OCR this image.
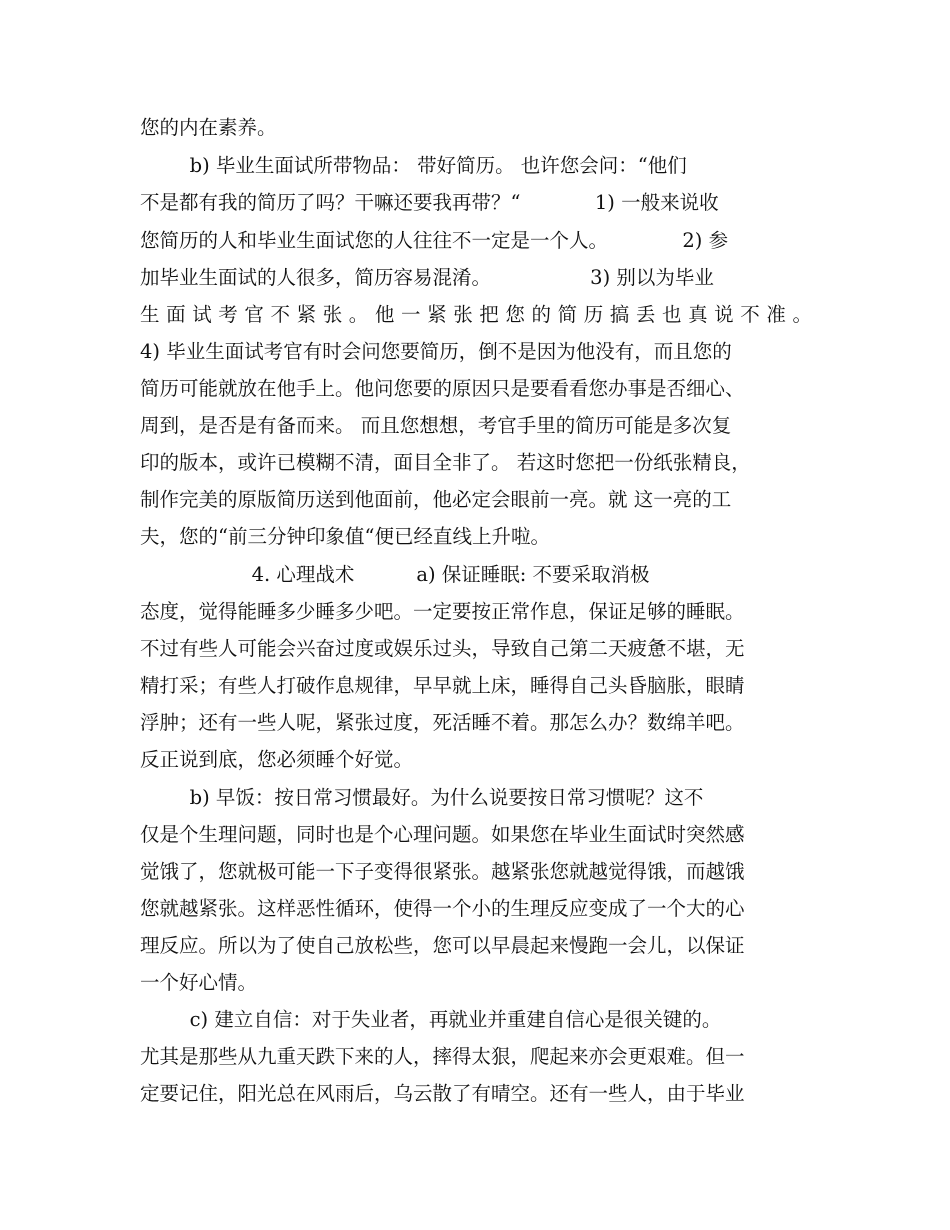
您的内在素养。
b) 毕业生面试所带物品： 带好简历。 也许您会问：“他们
不是都有我的简历了吗？干嘛还要我再带？“            1) 一般来说收
您简历的人和毕业生面试您的人往往不一定是一个人。            2) 参
加毕业生面试的人很多，简历容易混淆。                3) 别以为毕业
生面试考官不紧张。他一紧张把您的简历搞丢也真说不准。
4) 毕业生面试考官有时会问您要简历，倒不是因为他没有，而且您的
简历可能就放在他手上。他问您要的原因只是要看看您办事是否细心、
周到，是否是有备而来。 而且您想想，考官手里的简历可能是多次复
印的版本，或许已模糊不清，面目全非了。 若这时您把一份纸张精良，
制作完美的原版简历送到他面前，他必定会眼前一亮。就 这一亮的工
夫，您的“前三分钟印象值“便已经直线上升啦。
4. 心理战术          a) 保证睡眠: 不要采取消极
态度，觉得能睡多少睡多少吧。一定要按正常作息，保证足够的睡眠。
不过有些人可能会兴奋过度或娱乐过头，导致自己第二天疲惫不堪，无
精打采；有些人打破作息规律，早早就上床，睡得自己头昏脑胀，眼睛
浮肿；还有一些人呢，紧张过度，死活睡不着。那怎么办？数绵羊吧。
反正说到底，您必须睡个好觉。
b) 早饭：按日常习惯最好。为什么说要按日常习惯呢？这不
仅是个生理问题，同时也是个心理问题。如果您在毕业生面试时突然感
觉饿了，您就极可能一下子变得很紧张。越紧张您就越觉得饿，而越饿
您就越紧张。这样恶性循环，使得一个小的生理反应变成了一个大的心
理反应。所以为了使自己放松些，您可以早晨起来慢跑一会儿，以保证
一个好心情。
c) 建立自信：对于失业者，再就业并重建自信心是很关键的。
尤其是那些从九重天跌下来的人，摔得太狠，爬起来亦会更艰难。但一
定要记住，阳光总在风雨后，乌云散了有晴空。还有一些人，由于毕业
